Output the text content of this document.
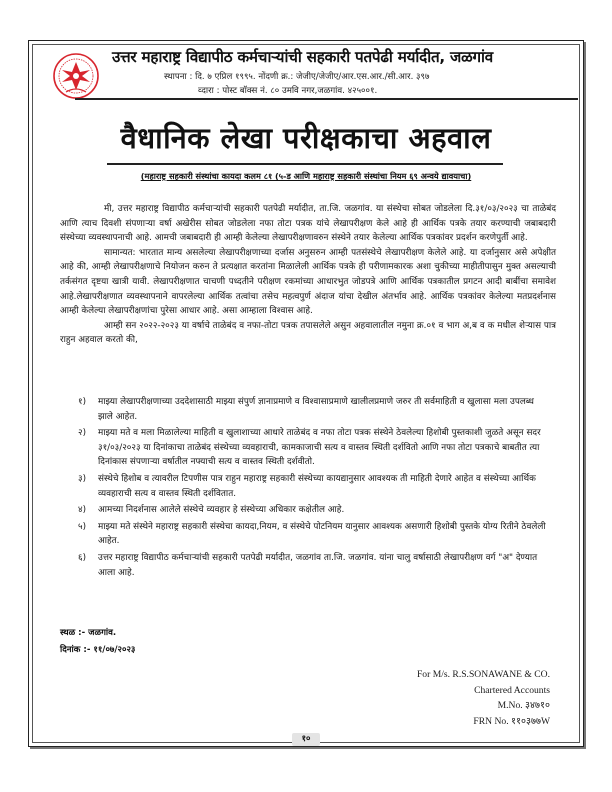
उत्तर महाराष्ट्र विद्यापीठ कर्मचाऱ्यांची सहकारी पतपेढी मर्यादीत, जळगांव
स्थापना : दि. ७ एप्रिल १९९५. नोंदणी क्र.: जेजीए/जेजीए/आर.एस.आर./सी.आर. ३९७
व्दारा : पोस्ट बॉक्स नं. ८० उमवि नगर,जळगांव. ४२५००१.
वैधानिक लेखा परीक्षकाचा अहवाल
(महाराष्ट्र सहकारी संस्थांचा कायदा कलम ८१ (५-ड आणि महाराष्ट्र सहकारी संस्थांचा नियम ६९ अन्वये द्यावयाचा)

मी, उत्तर महाराष्ट्र विद्यापीठ कर्मचाऱ्यांची सहकारी पतपेढी मर्यादीत, ता.जि. जळगांव. या संस्थेचा सोबत जोडलेला दि.३१/०३/२०२३ चा ताळेबंद आणि त्याच दिवशी संपणाऱ्या वर्षा अखेरीस सोबत जोडलेला नफा तोटा पत्रक यांचे लेखापरीक्षण केले आहे ही आर्थिक पत्रके तयार करण्याची जबाबदारी संस्थेच्या व्यवस्थापनाची आहे. आमची जबाबदारी ही आम्ही केलेल्या लेखापरीक्षणावरुन संस्थेने तयार केलेल्या आर्थिक पत्रकांवर प्रदर्शन करणेपुर्ती आहे.

सामान्यत: भारतात मान्य असलेल्या लेखापरीक्षणाच्या दर्जास अनुसरुन आम्ही पतसंस्थेचे लेखापरीक्षण केलेले आहे. या दर्जानुसार असे अपेक्षीत आहे की, आम्ही लेखापरीक्षणाचे नियोजन करुन ते प्रत्यक्षात करतांना मिळालेली आर्थिक पत्रके ही परीणामकारक अशा चुकीच्या माहीतीपासुन मुक्त असल्याची तर्कसंगत दृष्टया खात्री यावी. लेखापरीक्षणात चाचणी पध्दतीने परीक्षण रकमांच्या आधारभुत जोडपत्रे आणि आर्थिक पत्रकातील प्रगटन आदी बाबींचा समावेश आहे.लेखापरीक्षणात व्यवस्थापनाने वापरलेल्या आर्थिक तत्वांचा तसेच महत्वपुर्ण अंदाज यांचा देखील अंतर्भाव आहे. आर्थिक पत्रकांवर केलेल्या मतप्रदर्शनास आम्ही केलेल्या लेखापरीक्षणांचा पुरेसा आधार आहे. असा आम्हाला विश्वास आहे.

आम्ही सन २०२२-२०२३ या वर्षाचे ताळेबंद व नफा-तोटा पत्रक तपासलेले असुन अहवालातील नमुना क्र.०१ व भाग अ,ब व क मधील शेऱ्यास पात्र राहुन अहवाल करतो की,

१)	माझ्या लेखापरीक्षणाच्या उददेशासाठी माझ्या संपुर्ण ज्ञानाप्रमाणे व विश्वासाप्रमाणे खालीलप्रमाणे जरुर ती सर्वमाहिती व खुलासा मला उपलब्ध झाले आहेत.
२)	माझ्या मते व मला मिळालेल्या माहिती व खुलाशाच्या आधारे ताळेबंद व नफा तोटा पत्रक संस्थेने ठेवलेल्या हिशोबी पुस्तकाशी जुळते असून सदर ३१/०३/२०२३ या दिनांकाचा ताळेबंद संस्थेच्या व्यवहाराची, कामकाजाची सत्य व वास्तव स्थिती दर्शवितो आणि नफा तोटा पत्रकाचे बाबतीत त्या दिनांकास संपणाऱ्या वर्षातील नफ्याची सत्य व वास्तव स्थिती दर्शवीतो.
३)	संस्थेचे हिशोब व त्यावरील टिपणीस पात्र राहुन महाराष्ट्र सहकारी संस्थेच्या कायद्यानुसार आवश्यक ती माहिती देणारे आहेत व संस्थेच्या आर्थिक व्यवहाराची सत्य व वास्तव स्थिती दर्शवितात.
४)	आमच्या निदर्शनास आलेले संस्थेचे व्यवहार हे संस्थेच्या अधिकार कक्षेतील आहे.
५)	माझ्या मते संस्थेने महाराष्ट्र सहकारी संस्थेचा कायदा,नियम, व संस्थेचे पोटनियम यानुसार आवश्यक असणारी हिशोबी पुस्तके योग्य रितीने ठेवलेली आहेत.
६)	उत्तर महाराष्ट्र विद्यापीठ कर्मचाऱ्यांची सहकारी पतपेढी मर्यादीत, जळगांव ता.जि. जळगांव. यांना चालु वर्षासाठी लेखापरीक्षण वर्ग "अ" देण्यात आला आहे.
स्थळ :- जळगांव.
दिनांक :- ११/०७/२०२३
For M/s. R.S.SONAWANE & CO.
Chartered Accounts
M.No. ३४७१०
FRN No. ११०३७७W
१०
